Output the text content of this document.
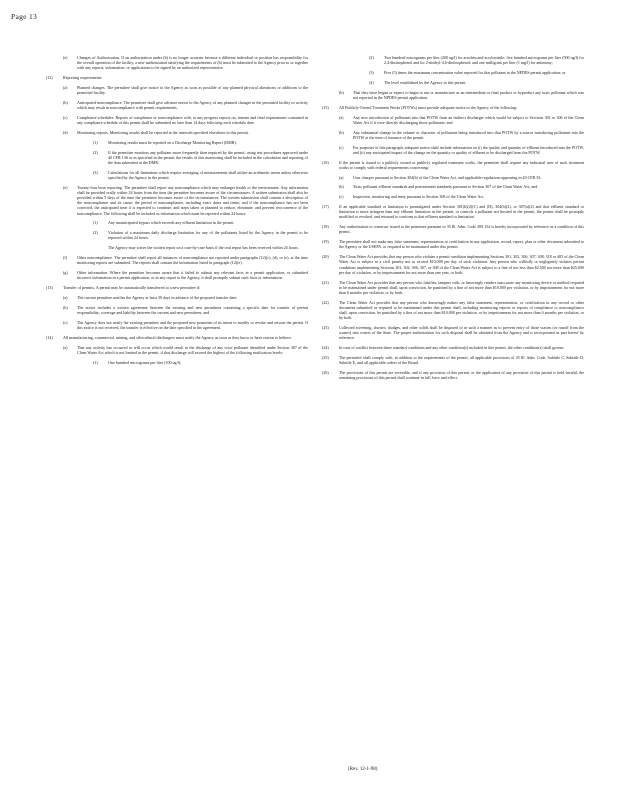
Page 13
(e) Changes of Authorization. If an authorization under (b) is no longer accurate because a different individual or position has responsibility for the overall operation of the facility, a new authorization satisfying the requirements of (b) must be submitted to the Agency prior to or together with any reports, information, or applications to be signed by an authorized representative.
(12)	Reporting requirements.
(a) Planned changes. The permittee shall give notice to the Agency as soon as possible of any planned physical alterations or additions to the permitted facility.
(b) Anticipated noncompliance. The permittee shall give advance notice to the Agency of any planned changes in the permitted facility or activity which may result in noncompliance with permit requirements.
(c) Compliance schedules. Reports of compliance or noncompliance with, or any progress reports on, interim and final requirements contained in any compliance schedule of this permit shall be submitted no later than 14 days following each schedule date.
(d) Monitoring reports. Monitoring results shall be reported at the intervals specified elsewhere in this permit.
(1)	Monitoring results must be reported on a Discharge Monitoring Report (DMR).
(2)	If the permittee monitors any pollutant more frequently than required by the permit, using test procedures approved under 40 CFR 136 or as specified in the permit, the results of this monitoring shall be included in the calculation and reporting of the data submitted in the DMR.
(3)	Calculations for all limitations which require averaging of measurements shall utilize an arithmetic mean unless otherwise specified by the Agency in the permit.
(e) Twenty-four hour reporting. The permittee shall report any noncompliance which may endanger health or the environment. Any information shall be provided orally within 24 hours from the time the permittee becomes aware of the circumstances. A written submission shall also be provided within 5 days of the time the permittee becomes aware of the circumstances. The written submission shall contain a description of the noncompliance and its cause; the period of noncompliance, including exact dates and times; and if the noncompliance has not been corrected, the anticipated time it is expected to continue; and steps taken or planned to reduce, eliminate, and prevent reoccurrence of the noncompliance. The following shall be included as information which must be reported within 24 hours:
(1)	Any unanticipated bypass which exceeds any effluent limitation in the permit.
(2)	Violation of a maximum daily discharge limitation for any of the pollutants listed by the Agency in the permit to be reported within 24 hours.
The Agency may waive the written report on a case-by-case basis if the oral report has been received within 24 hours.
(f) Other noncompliance. The permittee shall report all instances of noncompliance not reported under paragraphs (12)(c), (d), or (e), at the time monitoring reports are submitted. The reports shall contain the information listed in paragraph (12)(e).
(g) Other information. Where the permittee becomes aware that it failed to submit any relevant facts in a permit application, or submitted incorrect information in a permit application, or in any report to the Agency, it shall promptly submit such facts or information.
(13)	Transfer of permits. A permit may be automatically transferred to a new permittee if:
(a) The current permittee notifies the Agency at least 30 days in advance of the proposed transfer date;
(b) The notice includes a written agreement between the existing and new permittees containing a specific date for transfer of permit responsibility, coverage and liability between the current and new permittees; and
(c) The Agency does not notify the existing permittee and the proposed new permittee of its intent to modify or revoke and reissue the permit. If this notice is not received, the transfer is effective on the date specified in the agreement.
(14)	All manufacturing, commercial, mining, and silvicultural dischargers must notify the Agency as soon as they know or have reason to believe:
(a) That any activity has occurred or will occur which would result in the discharge of any toxic pollutant identified under Section 307 of the Clean Water Act which is not limited in the permit, if that discharge will exceed the highest of the following notification levels:
(1)	One hundred micrograms per liter (100 ug/l);
(2)	Two hundred micrograms per liter (200 ug/l) for acrolein and acrylonitrile; five hundred micrograms per liter (500 ug/l) for 2,4-dinitrophenol and for 2-methyl-4,6-dinitrophenol; and one milligram per liter (1 mg/l) for antimony;
(3)	Five (5) times the maximum concentration value reported for that pollutant in the NPDES permit application; or
(4)	The level established by the Agency in this permit.
(b) That they have begun or expect to begin to use or manufacture as an intermediate or final product or byproduct any toxic pollutant which was not reported in the NPDES permit application.
(15)	All Publicly Owned Treatment Works (POTWs) must provide adequate notice to the Agency of the following:
(a) Any new introduction of pollutants into that POTW from an indirect discharger which would be subject to Sections 301 or 306 of the Clean Water Act if it were directly discharging those pollutants; and
(b) Any substantial change in the volume or character of pollutants being introduced into that POTW by a source introducing pollutants into the POTW at the time of issuance of the permit.
(c) For purposes of this paragraph, adequate notice shall include information on (i) the quality and quantity of effluent introduced into the POTW, and (ii) any anticipated impact of the change on the quantity or quality of effluent to be discharged from the POTW.
(16)	If the permit is issued to a publicly owned or publicly regulated treatment works, the permittee shall require any industrial user of such treatment works to comply with federal requirements concerning:
(a) User charges pursuant to Section 204(b) of the Clean Water Act, and applicable regulations appearing in 40 CFR 35;
(b) Toxic pollutant effluent standards and pretreatment standards pursuant to Section 307 of the Clean Water Act; and
(c) Inspection, monitoring and entry pursuant to Section 308 of the Clean Water Act.
(17)	If an applicable standard or limitation is promulgated under Section 301(b)(2)(C) and (D), 304(b)(2), or 307(a)(2) and that effluent standard or limitation is more stringent than any effluent limitation in the permit, or controls a pollutant not limited in the permit, the permit shall be promptly modified or revoked, and reissued to conform to that effluent standard or limitation.
(18)	Any authorization to construct issued to the permittee pursuant to 35 Ill. Adm. Code 309.154 is hereby incorporated by reference as a condition of this permit.
(19)	The permittee shall not make any false statement, representation or certification in any application, record, report, plan or other document submitted to the Agency or the USEPA, or required to be maintained under this permit.
(20)	The Clean Water Act provides that any person who violates a permit condition implementing Sections 301, 302, 306, 307, 308, 318 or 405 of the Clean Water Act is subject to a civil penalty not to exceed $10,000 per day of such violation. Any person who willfully or negligently violates permit conditions implementing Sections 301, 302, 306, 307, or 308 of the Clean Water Act is subject to a fine of not less than $2,500 nor more than $25,000 per day of violation, or by imprisonment for not more than one year, or both.
(21)	The Clean Water Act provides that any person who falsifies, tampers with, or knowingly renders inaccurate any monitoring device or method required to be maintained under permit shall, upon conviction, be punished by a fine of not more than $10,000 per violation, or by imprisonment for not more than 6 months per violation, or by both.
(22)	The Clean Water Act provides that any person who knowingly makes any false statement, representation, or certification in any record or other document submitted or required to be maintained under this permit shall, including monitoring reports or reports of compliance or noncompliance shall, upon conviction, be punished by a fine of not more than $10,000 per violation, or by imprisonment for not more than 6 months per violation, or by both.
(23)	Collected screening, slurries, sludges, and other solids shall be disposed of in such a manner as to prevent entry of those wastes (or runoff from the wastes) into waters of the State. The proper authorization for such disposal shall be obtained from the Agency and is incorporated as part hereof by reference.
(24)	In case of conflict between these standard conditions and any other condition(s) included in this permit, the other condition(s) shall govern.
(25)	The permittee shall comply with, in addition to the requirements of the permit, all applicable provisions of 35 Ill. Adm. Code, Subtitle C, Subtitle D, Subtitle E, and all applicable orders of the Board.
(26)	The provisions of this permit are severable, and if any provision of this permit, or the application of any provision of this permit is held invalid, the remaining provisions of this permit shall continue in full force and effect.
(Rev. 12-1-98)
